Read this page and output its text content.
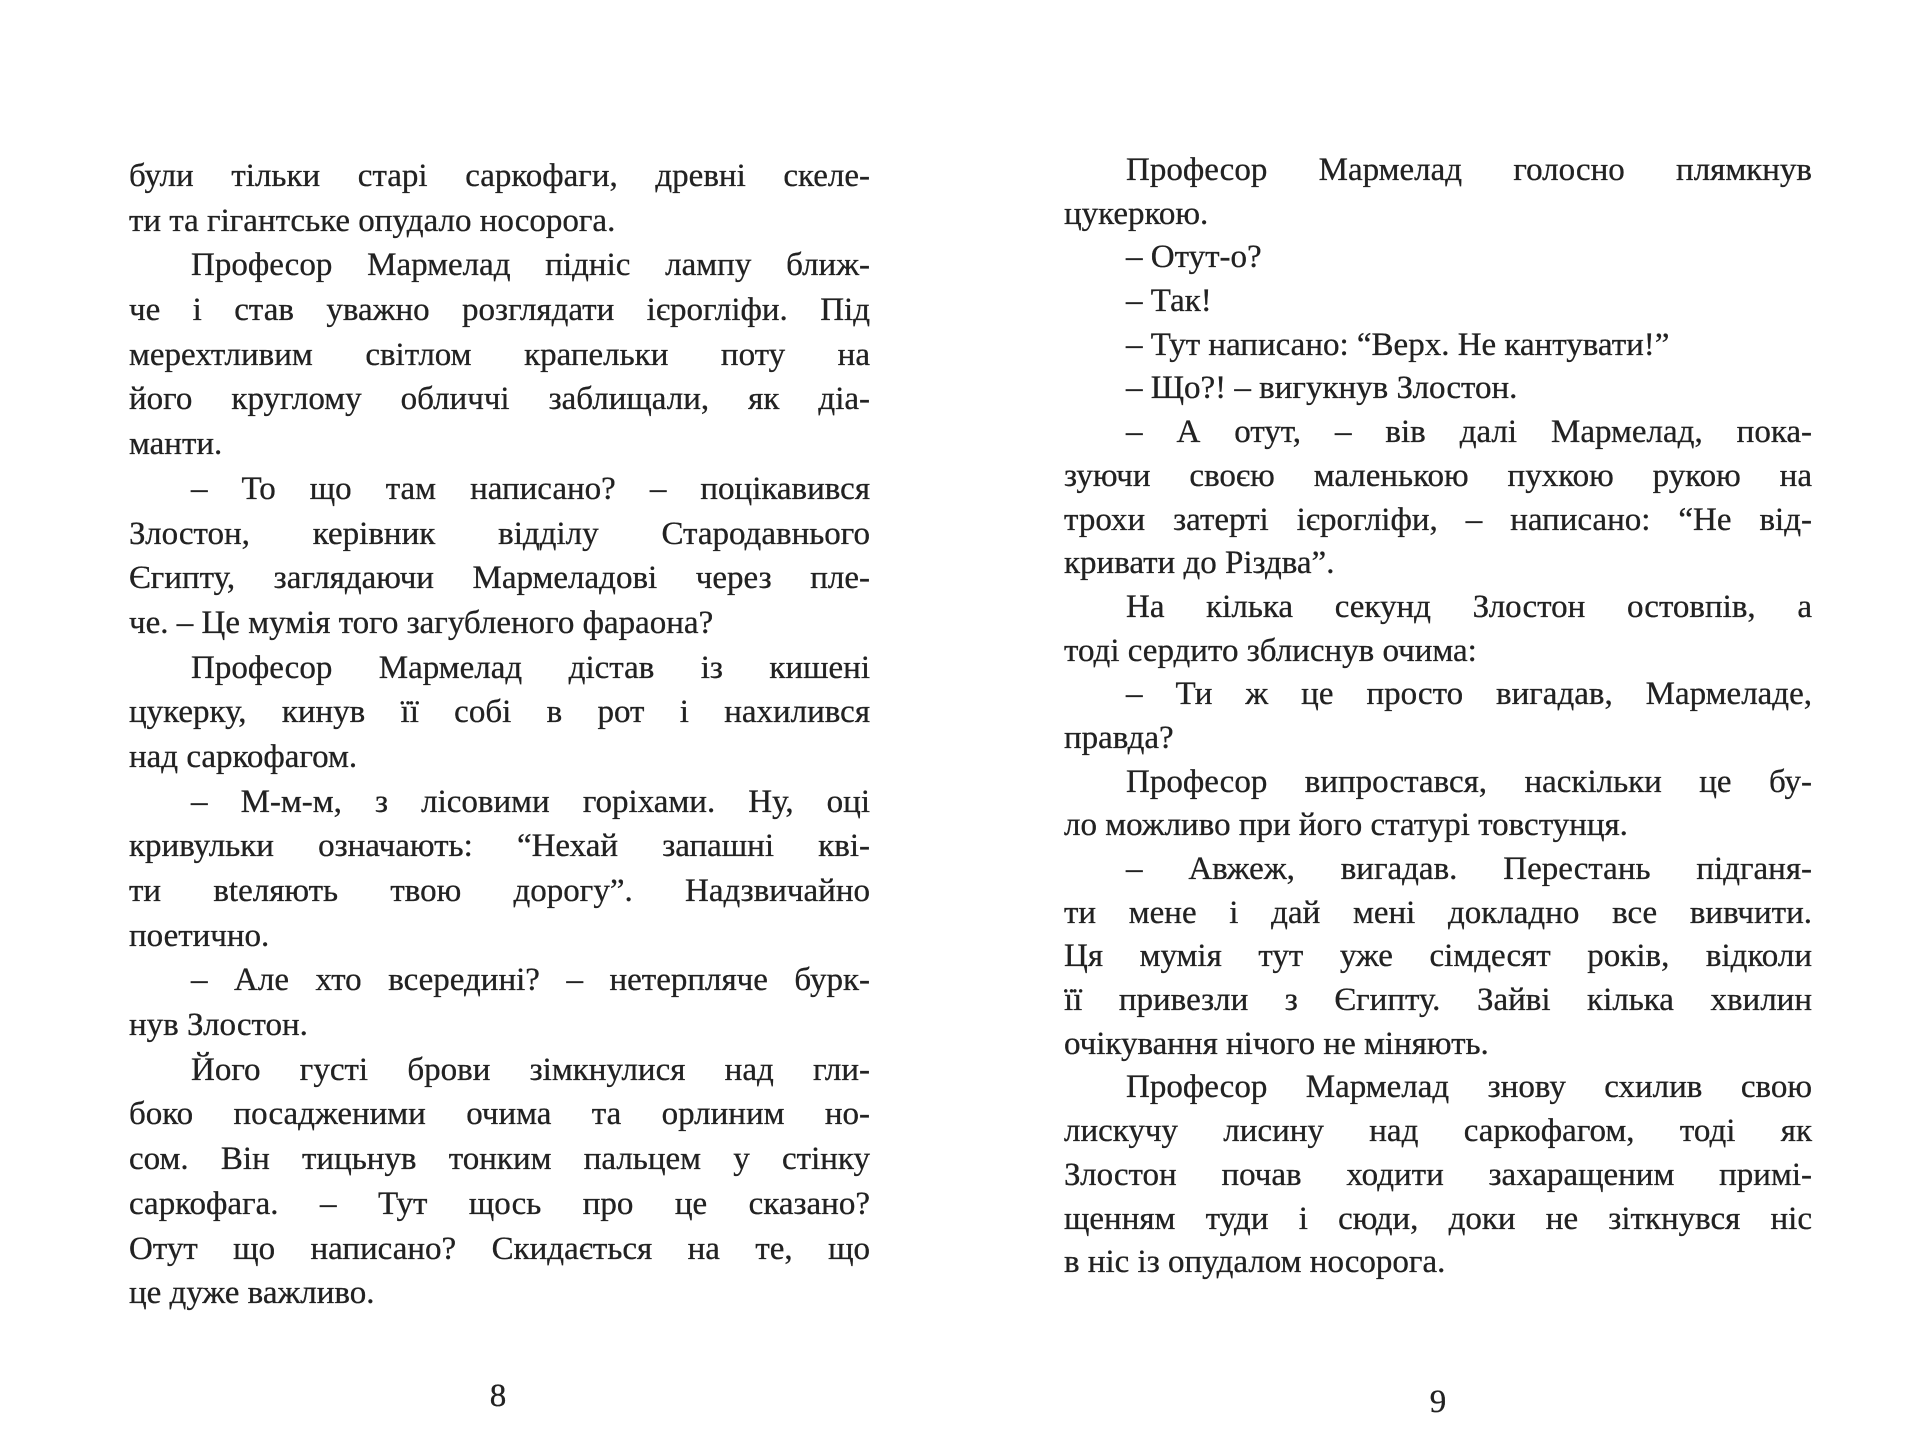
були тільки старі саркофаги, древні скеле-
ти та гігантське опудало носорога.
Професор Мармелад підніс лампу ближ-
че і став уважно розглядати ієрогліфи. Під
мерехтливим світлом крапельки поту на
його круглому обличчі заблищали, як діа-
манти.
– То що там написано? – поцікавився
Злостон, керівник відділу Стародавнього
Єгипту, заглядаючи Мармеладові через пле-
че. – Це мумія того загубленого фараона?
Професор Мармелад дістав із кишені
цукерку, кинув її собі в рот і нахилився
над саркофагом.
– М-м-м, з лісовими горіхами. Ну, оці
кривульки означають: “Нехай запашні кві-
ти вteляють твою дорогу”. Надзвичайно
поетично.
– Але хто всередині? – нетерпляче бурк-
нув Злостон.
Його густі брови зімкнулися над гли-
боко посадженими очима та орлиним но-
сом. Він тицьнув тонким пальцем у стінку
саркофага. – Тут щось про це сказано?
Отут що написано? Скидається на те, що
це дуже важливо.
Професор Мармелад голосно плямкнув
цукеркою.
– Отут-о?
– Так!
– Тут написано: “Верх. Не кантувати!”
– Що?! – вигукнув Злостон.
– А отут, – вів далі Мармелад, пока-
зуючи своєю маленькою пухкою рукою на
трохи затерті ієрогліфи, – написано: “Не від-
кривати до Різдва”.
На кілька секунд Злостон остовпів, а
тоді сердито зблиснув очима:
– Ти ж це просто вигадав, Мармеладе,
правда?
Професор випростався, наскільки це бу-
ло можливо при його статурі товстунця.
– Авжеж, вигадав. Перестань підганя-
ти мене і дай мені докладно все вивчити.
Ця мумія тут уже сімдесят років, відколи
її привезли з Єгипту. Зайві кілька хвилин
очікування нічого не міняють.
Професор Мармелад знову схилив свою
лискучу лисину над саркофагом, тоді як
Злостон почав ходити захаращеним примі-
щенням туди і сюди, доки не зіткнувся ніс
в ніс із опудалом носорога.
8	9
